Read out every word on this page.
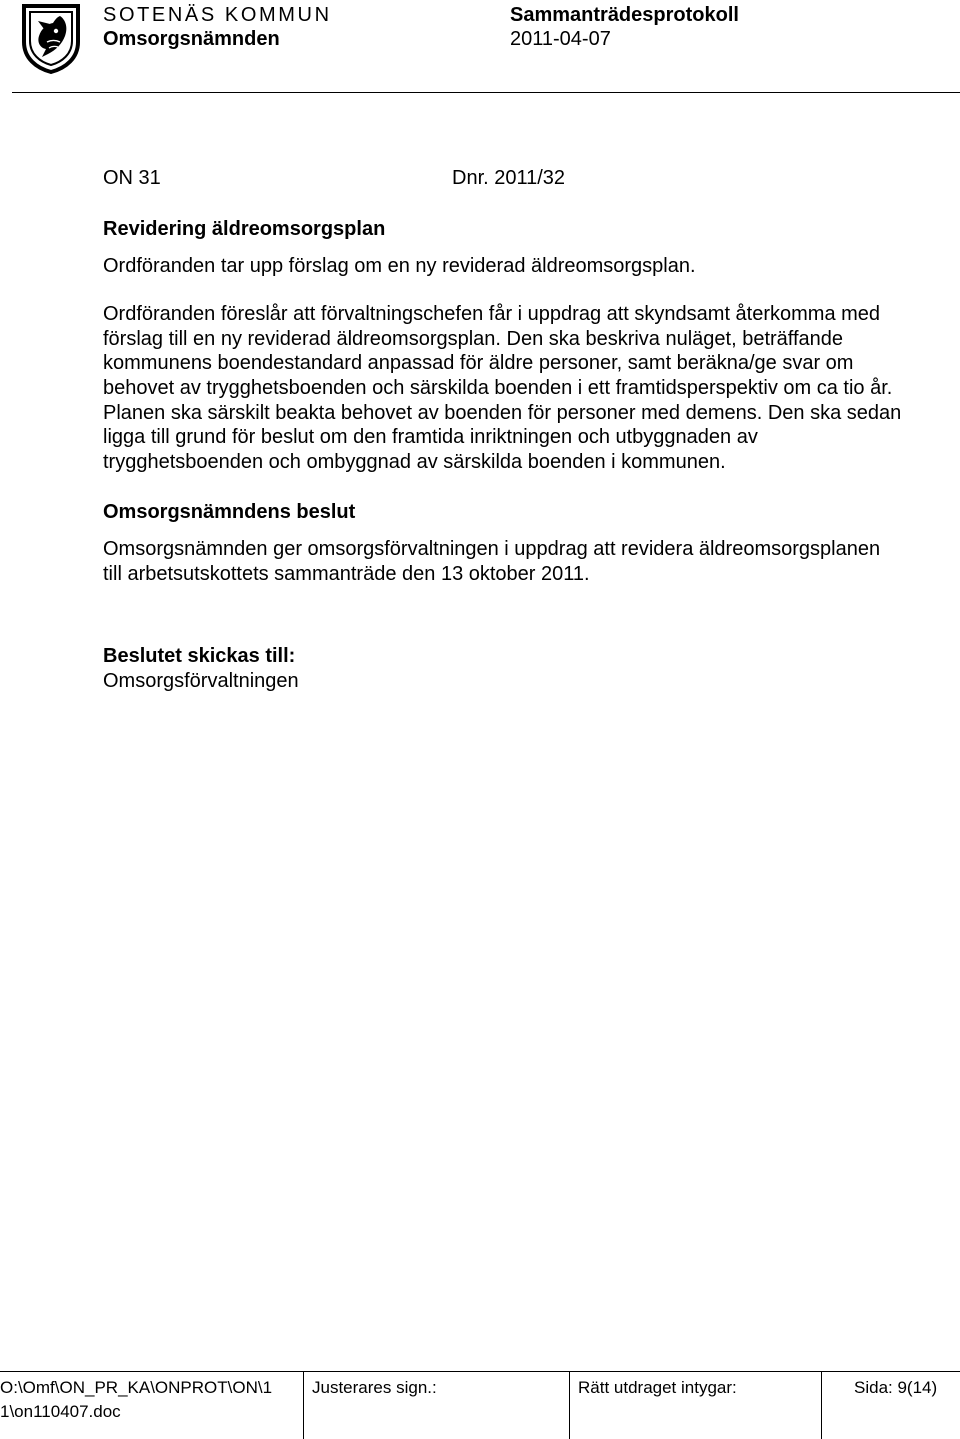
SOTENÄS KOMMUN
Omsorgsnämnden
Sammanträdesprotokoll
2011-04-07
ON 31	Dnr. 2011/32
Revidering äldreomsorgsplan

Ordföranden tar upp förslag om en ny reviderad äldreomsorgsplan.

Ordföranden föreslår att förvaltningschefen får i uppdrag att skyndsamt återkomma med förslag till en ny reviderad äldreomsorgsplan. Den ska beskriva nuläget, beträffande kommunens boendestandard anpassad för äldre personer, samt beräkna/ge svar om behovet av trygghetsboenden och särskilda boenden i ett framtidsperspektiv om ca tio år. Planen ska särskilt beakta behovet av boenden för personer med demens. Den ska sedan ligga till grund för beslut om den framtida inriktningen och utbyggnaden av trygghetsboenden och ombyggnad av särskilda boenden i kommunen.

Omsorgsnämndens beslut

Omsorgsnämnden ger omsorgsförvaltningen i uppdrag att revidera äldreomsorgsplanen till arbetsutskottets sammanträde den 13 oktober 2011.

Beslutet skickas till:
Omsorgsförvaltningen
O:\Omf\ON_PR_KA\ONPROT\ON\1
1\on110407.doc
Justerares sign.:	Rätt utdraget intygar:	Sida: 9(14)
